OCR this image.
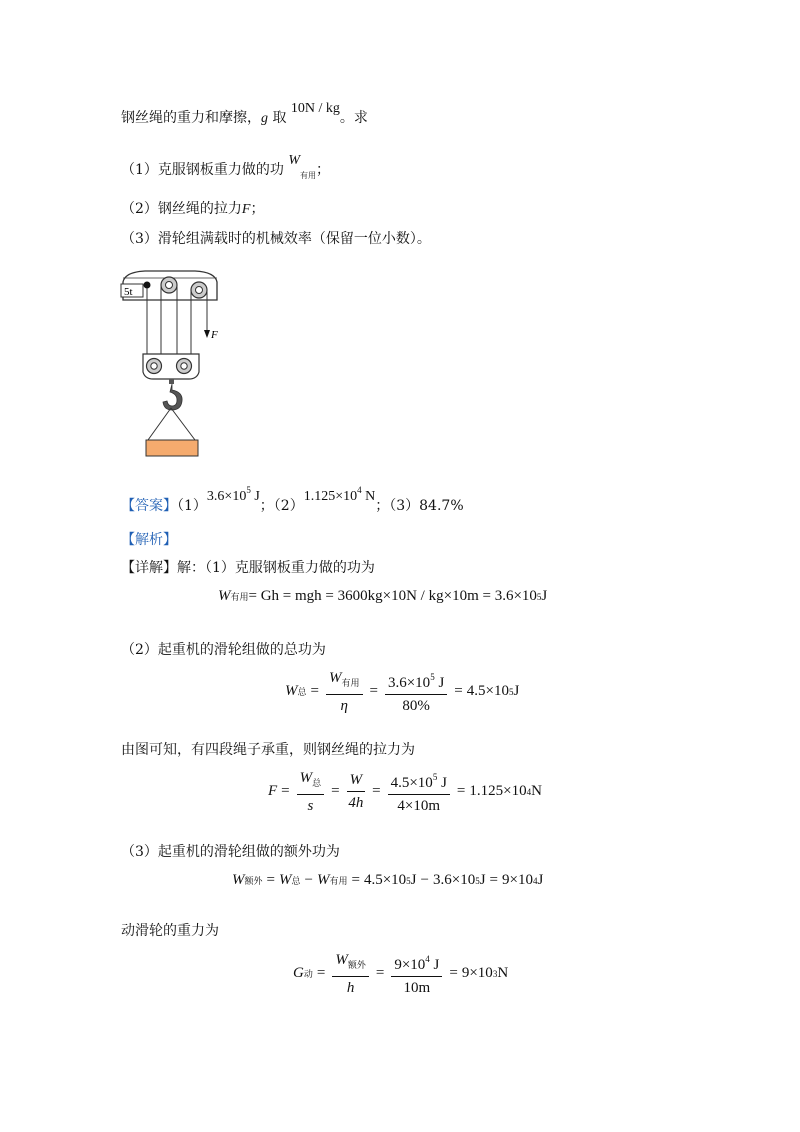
钢丝绳的重力和摩擦，g 取 10N / kg。求
（1）克服钢板重力做的功 $W_{有用}$；
（2）钢丝绳的拉力F；
（3）滑轮组满载时的机械效率（保留一位小数）。
5t
F
【答案】$(1)3.6\times 10^5$ J；$(2)1.125\times 10^4$ N；（3）84.7%
【解析】
【详解】解：（1）克服钢板重力做的功为
W 有用 = Gh = mgh = 3600kg×10N / kg×10m = 3.6×10 5 J
（2）起重机的滑轮组做的总功为
W 总 = $\frac{W_{有用}}{\eta} = \frac{3.6\times 10^5 J}{80\%} = 4.5\times 10$ 5 J
由图可知，有四段绳子承重，则钢丝绳的拉力为
$F = \frac{W_总}{s} = \frac{W}{4h} = \frac{4.5\times 10^5 J}{4\times 10m} = 1.125\times 10$ 4 N
（3）起重机的滑轮组做的额外功为
W 额外 = W 总 − W 有用 = 4.5×10 5 J − 3.6×10 5 J = 9×10 4 J
动滑轮的重力为
G 动 = $\frac{W_{额外}}{h} = \frac{9\times 10^4 J}{10m} = 9\times 10$ 3 N
